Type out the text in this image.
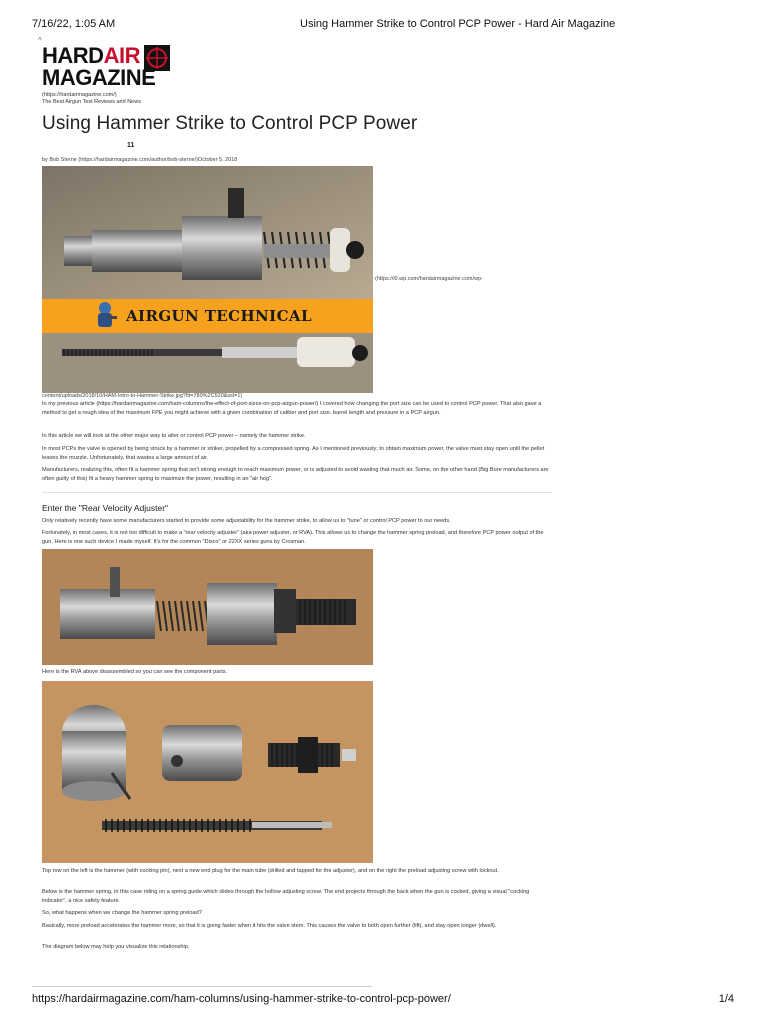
7/16/22, 1:05 AM	Using Hammer Strike to Control PCP Power - Hard Air Magazine
^
HARDAIR
MAGAZINE
(https://hardairmagazine.com/)
The Best Airgun Test Reviews and News
Using Hammer Strike to Control PCP Power
11
by Bob Sterne (https://hardairmagazine.com/author/bob-sterne/)October 5, 2018
AIRGUN TECHNICAL
(https://i0.wp.com/hardairmagazine.com/wp-
content/uploads/2018/10/HAM-Intro-to-Hammer-Strike.jpg?fit=780%2C520&ssl=1)

In my previous article (https://hardairmagazine.com/ham-columns/the-effect-of-port-sizes-on-pcp-airgun-power/) I covered how changing the port size can be used to control PCP power. That also gave a method to get a rough idea of the maximum FPE you might achieve with a given combination of caliber and port size, barrel length and pressure in a PCP airgun.

In this article we will look at the other major way to alter or control PCP power – namely the hammer strike.

In most PCPs the valve is opened by being struck by a hammer or striker, propelled by a compressed spring. As I mentioned previously; to obtain maximum power, the valve must stay open until the pellet leaves the muzzle. Unfortunately, that wastes a large amount of air.

Manufacturers, realizing this, often fit a hammer spring that isn't strong enough to reach maximum power, or is adjusted to avoid wasting that much air. Some, on the other hand (Big Bore manufacturers are often guilty of this) fit a heavy hammer spring to maximize the power, resulting in an "air hog".

Enter the "Rear Velocity Adjuster"

Only relatively recently have some manufacturers started to provide some adjustability for the hammer strike, to allow us to "tune" or control PCP power to our needs.

Fortunately, in most cases, it is not too difficult to make a "rear velocity adjuster" (aka power adjuster, or RVA). This allows us to change the hammer spring preload, and therefore PCP power output of the gun. Here is one such device I made myself. It's for the common "Disco" or 22XX series guns by Crosman.

Here is the RVA above disassembled so you can see the component parts.

Top row on the left is the hammer (with cocking pin), next a new end plug for the main tube (drilled and tapped for the adjuster), and on the right the preload adjusting screw with locknut.

Below is the hammer spring, in this case riding on a spring guide which slides through the hollow adjusting screw. The end projects through the back when the gun is cocked, giving a visual "cocking indicator", a nice safety feature.

So, what happens when we change the hammer spring preload?

Basically, more preload accelerates the hammer more, so that it is going faster when it hits the valve stem. This causes the valve to both open further (lift), and stay open longer (dwell).

The diagram below may help you visualize this relationship.

https://hardairmagazine.com/ham-columns/using-hammer-strike-to-control-pcp-power/	1/4
